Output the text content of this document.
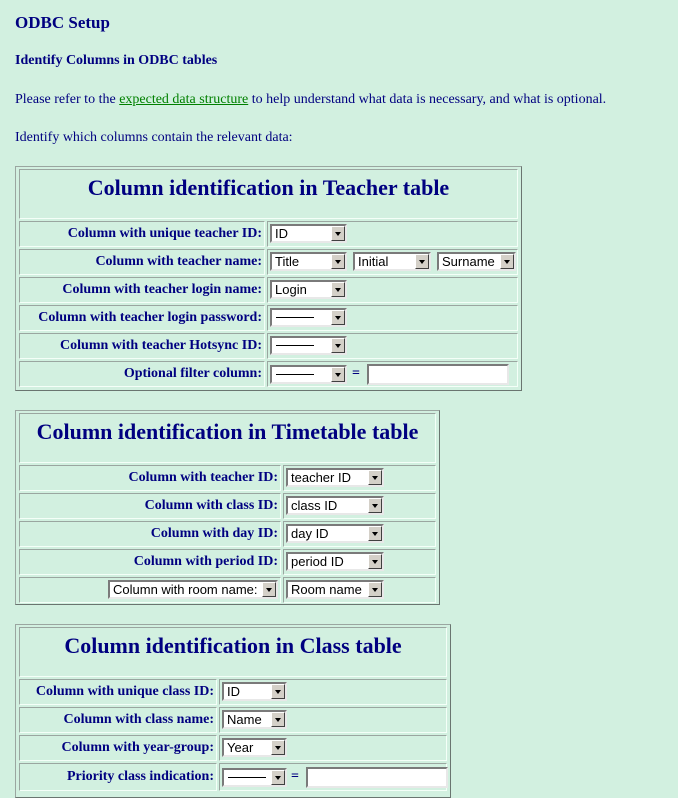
ODBC Setup
Identify Columns in ODBC tables
Please refer to the expected data structure to help understand what data is necessary, and what is optional.
Identify which columns contain the relevant data:
Column identification in Teacher table
Column with unique teacher ID: ID
Column with teacher name: Title	Initial	Surname
Column with teacher login name: Login
Column with teacher login password:
Column with teacher Hotsync ID:
Optional filter column:	=
Column identification in Timetable table
Column with teacher ID: teacher ID
Column with class ID: class ID
Column with day ID: day ID
Column with period ID: period ID
Column with room name:	Room name
Column identification in Class table
Column with unique class ID: ID
Column with class name: Name
Column with year-group: Year
Priority class indication:	=
